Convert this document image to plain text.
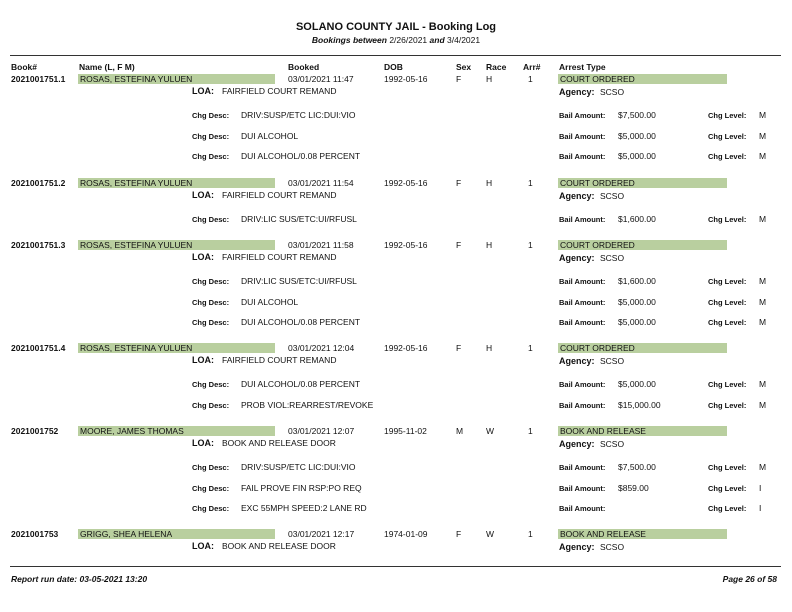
SOLANO COUNTY JAIL - Booking Log
Bookings between 2/26/2021 and 3/4/2021
Book#	Name (L, F M)	Booked	DOB	Sex Race Arr# Arrest Type
2021001751.1 ROSAS, ESTEFINA YULUEN	03/01/2021 11:47	1992-05-16	F	H	1	COURT ORDERED
LOA: FAIRFIELD COURT REMAND	Agency: SCSO
Chg Desc: DRIV:SUSP/ETC LIC:DUI:VIO	Bail Amount: $7,500.00	Chg Level: M
Chg Desc: DUI ALCOHOL	Bail Amount: $5,000.00	Chg Level: M
Chg Desc: DUI ALCOHOL/0.08 PERCENT	Bail Amount: $5,000.00	Chg Level: M
2021001751.2 ROSAS, ESTEFINA YULUEN	03/01/2021 11:54	1992-05-16	F	H	1	COURT ORDERED
LOA: FAIRFIELD COURT REMAND	Agency: SCSO
Chg Desc: DRIV:LIC SUS/ETC:UI/RFUSL	Bail Amount: $1,600.00	Chg Level: M
2021001751.3 ROSAS, ESTEFINA YULUEN	03/01/2021 11:58	1992-05-16	F	H	1	COURT ORDERED
LOA: FAIRFIELD COURT REMAND	Agency: SCSO
Chg Desc: DRIV:LIC SUS/ETC:UI/RFUSL	Bail Amount: $1,600.00	Chg Level: M
Chg Desc: DUI ALCOHOL	Bail Amount: $5,000.00	Chg Level: M
Chg Desc: DUI ALCOHOL/0.08 PERCENT	Bail Amount: $5,000.00	Chg Level: M
2021001751.4 ROSAS, ESTEFINA YULUEN	03/01/2021 12:04	1992-05-16	F	H	1	COURT ORDERED
LOA: FAIRFIELD COURT REMAND	Agency: SCSO
Chg Desc: DUI ALCOHOL/0.08 PERCENT	Bail Amount: $5,000.00	Chg Level: M
Chg Desc: PROB VIOL:REARREST/REVOKE	Bail Amount: $15,000.00	Chg Level: M
2021001752	MOORE, JAMES THOMAS	03/01/2021 12:07	1995-11-02	M	W	1	BOOK AND RELEASE
LOA: BOOK AND RELEASE DOOR	Agency: SCSO
Chg Desc: DRIV:SUSP/ETC LIC:DUI:VIO	Bail Amount: $7,500.00	Chg Level: M
Chg Desc: FAIL PROVE FIN RSP:PO REQ	Bail Amount: $859.00	Chg Level: I
Chg Desc: EXC 55MPH SPEED:2 LANE RD	Bail Amount:	Chg Level: I
2021001753	GRIGG, SHEA HELENA	03/01/2021 12:17	1974-01-09	F	W	1	BOOK AND RELEASE
LOA: BOOK AND RELEASE DOOR	Agency: SCSO
Report run date: 03-05-2021 13:20	Page 26 of 58
